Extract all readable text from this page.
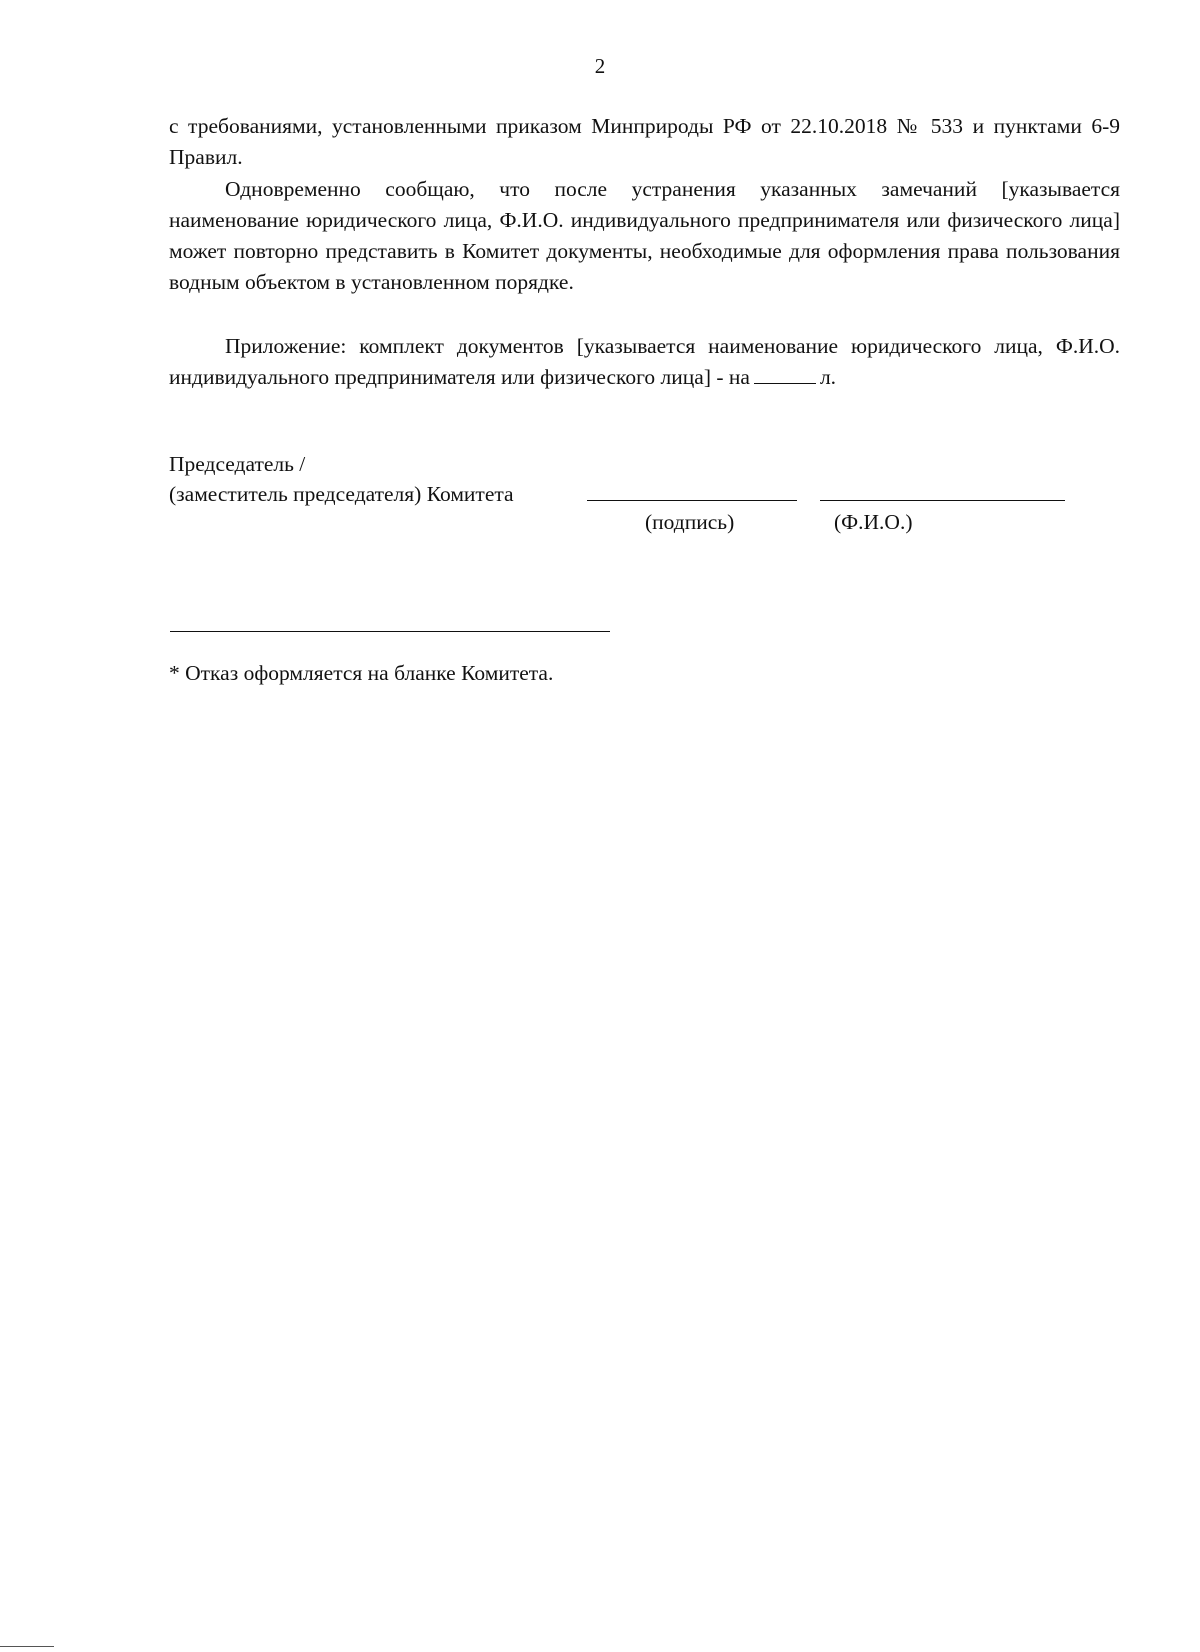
2

с требованиями, установленными приказом Минприроды РФ от 22.10.2018 № 533 и пунктами 6-9 Правил.

Одновременно сообщаю, что после устранения указанных замечаний [указывается наименование юридического лица, Ф.И.О. индивидуального предпринимателя или физического лица] может повторно представить в Комитет документы, необходимые для оформления права пользования водным объектом в установленном порядке.

Приложение: комплект документов [указывается наименование юридического лица, Ф.И.О. индивидуального предпринимателя или физического лица] - на	л.

Председатель /

(заместитель председателя) Комитета

(подпись)	(Ф.И.О.)

* Отказ оформляется на бланке Комитета.
